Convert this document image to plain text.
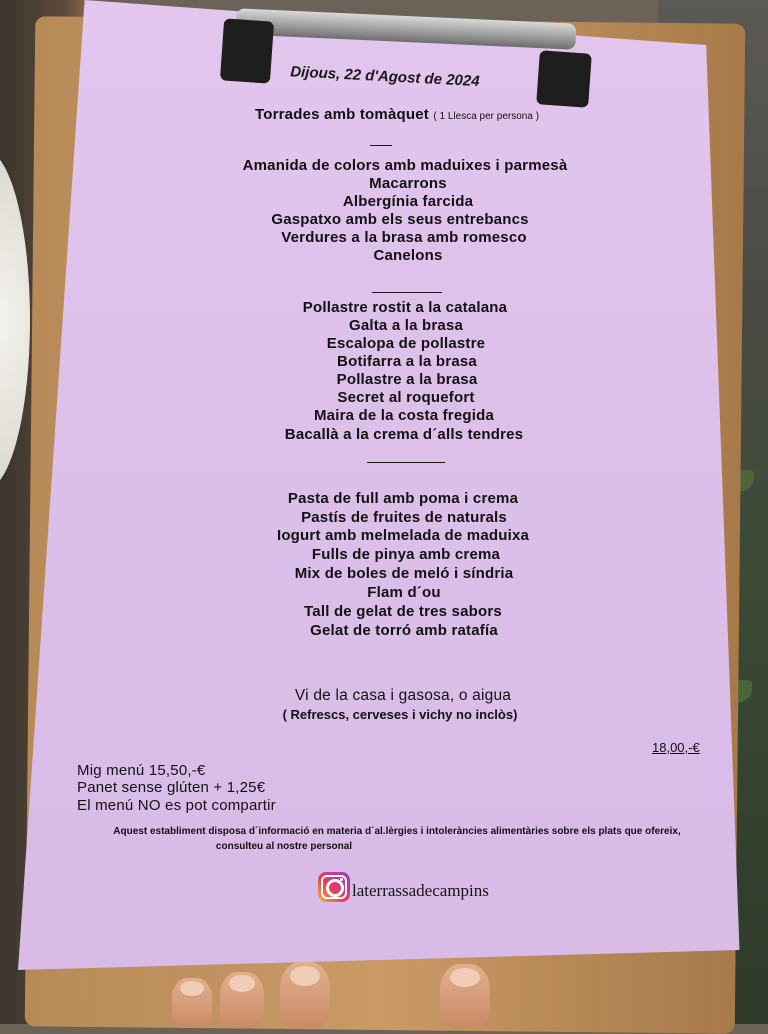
Dijous, 22 d'Agost de 2024
Torrades amb tomàquet ( 1 Llesca per persona )
Amanida de colors amb maduixes i parmesà
Macarrons
Albergínia farcida
Gaspatxo amb els seus entrebancs
Verdures a la brasa amb romesco
Canelons
Pollastre rostit a la catalana
Galta a la brasa
Escalopa de pollastre
Botifarra a la brasa
Pollastre a la brasa
Secret al roquefort
Maira de la costa fregida
Bacallà a la crema d´alls tendres
Pasta de full amb poma i crema
Pastís de fruites de naturals
Iogurt amb melmelada de maduixa
Fulls de pinya amb crema
Mix de boles de meló i síndria
Flam d´ou
Tall de gelat de tres sabors
Gelat de torró amb ratafía
Vi de la casa i gasosa, o aigua
( Refrescs, cerveses i vichy no inclòs)
18,00,-€
Mig menú 15,50,-€
Panet sense glúten + 1,25€
El menú NO es pot compartir
Aquest establiment disposa d´informació en materia d´al.lèrgies i intoleràncies alimentàries sobre els plats que ofereix,
consulteu al nostre personal
laterrassadecampins
